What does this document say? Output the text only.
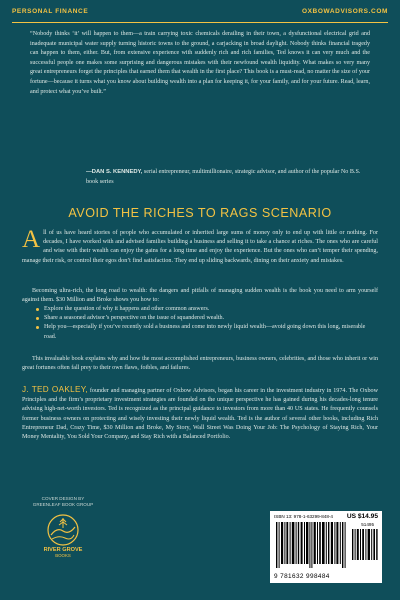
PERSONAL FINANCE	OXBOWADVISORS.COM
“Nobody thinks ‘it’ will happen to them—a train carrying toxic chemicals derailing in their town, a dysfunctional electrical grid and inadequate municipal water supply turning historic towns to the ground, a carjacking in broad daylight. Nobody thinks financial tragedy can happen to them, either. But, from extensive experience with suddenly rich and rich families, Ted knows it can very much and the successful people one makes some surprising and dangerous mistakes with their newfound wealth liquidity. What makes so very many great entrepreneurs forget the principles that earned them that wealth in the first place? This book is a must-read, no matter the size of your fortune—because it turns what you know about building wealth into a plan for keeping it, for your family, and for your future. Read, learn, and protect what you’ve built.”
—DAN S. KENNEDY, serial entrepreneur, multimillionaire, strategic advisor, and author of the popular No B.S. book series
AVOID THE RICHES TO RAGS SCENARIO
A ll of us have heard stories of people who accumulated or inherited large sums of money only to end up with little or nothing. For decades, I have worked with and advised families building a business and selling it to take a chance at riches. The ones who are careful and wise with their wealth can enjoy the gains for a long time and enjoy the experience. But the ones who can’t temper their spending, manage their risk, or control their egos don’t find satisfaction. They end up sliding backwards, dining on their anxiety and mistakes.
Becoming ultra-rich, the long road to wealth: the dangers and pitfalls of managing sudden wealth is the book you need to arm yourself against them. $30 Million and Broke shows you how to:
Explore the question of why it happens and other common answers.
Share a seasoned advisor’s perspective on the issue of squandered wealth.
Help you—especially if you’ve recently sold a business and come into newly liquid wealth—avoid going down this long, miserable road.
This invaluable book explains why and how the most accomplished entrepreneurs, business owners, celebrities, and those who inherit or win great fortunes often fall prey to their own flaws, foibles, and failures.
J. TED OAKLEY, founder and managing partner of Oxbow Advisors, began his career in the investment industry in 1974. The Oxbow Principles and the firm’s proprietary investment strategies are founded on the unique perspective he has gained during his decades-long tenure advising high-net-worth investors. Ted is recognized as the principal guidance to investors from more than 40 US states. He frequently counsels former business owners on protecting and wisely investing their newly liquid wealth. Ted is the author of several other books, including Rich Entrepreneur Dad, Crazy Time, $30 Million and Broke, My Story, Wall Street Was Doing Your Job: The Psychology of Staying Rich, Your Money Mentality, You Sold Your Company, and Stay Rich with a Balanced Portfolio.
COVER DESIGN BY
GREENLEAF BOOK GROUP
RIVER GROVE
BOOKS
ISBN 13: 978-1-63299-848-4 US $14.95
51495
9 781632 998484
